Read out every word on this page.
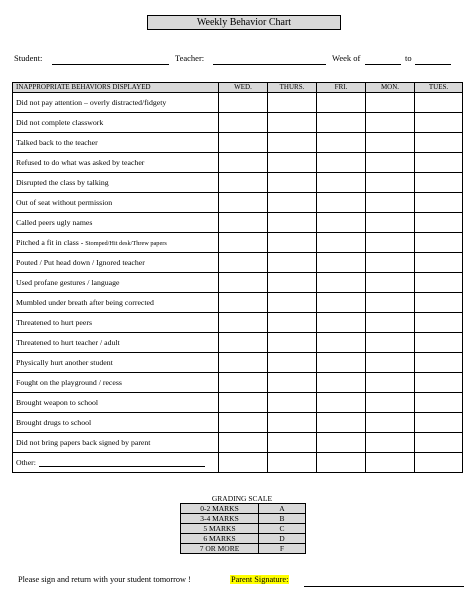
Weekly Behavior Chart
Student:	Teacher:	Week of	to
INAPPROPRIATE BEHAVIORS DISPLAYED	WED.	THURS.	FRI.	MON.	TUES.
Did not pay attention – overly distracted/fidgety					
Did not complete classwork					
Talked back to the teacher					
Refused to do what was asked by teacher					
Disrupted the class by talking					
Out of seat without permission					
Called peers ugly names					
Pitched a fit in class - Stomped/Hit desk/Threw papers					
Pouted / Put head down / Ignored teacher					
Used profane gestures / language					
Mumbled under breath after being corrected					
Threatened to hurt peers					
Threatened to hurt teacher / adult					
Physically hurt another student					
Fought on the playground / recess					
Brought weapon to school					
Brought drugs to school					
Did not bring papers back signed by parent					
Other:					
GRADING SCALE
0-2 MARKS	A
3-4 MARKS	B
5 MARKS	C
6 MARKS	D
7 OR MORE	F
Please sign and return with your student tomorrow !	Parent Signature:
